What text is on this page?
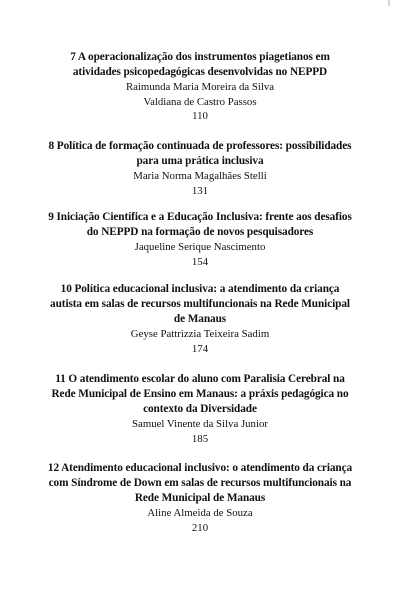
7 A operacionalização dos instrumentos piagetianos em
atividades psicopedagógicas desenvolvidas no NEPPD

Raimunda Maria Moreira da Silva

Valdiana de Castro Passos

110

8 Política de formação continuada de professores: possibilidades
para uma prática inclusiva

Maria Norma Magalhães Stelli

131

9 Iniciação Científica e a Educação Inclusiva: frente aos desafios
do NEPPD na formação de novos pesquisadores

Jaqueline Serique Nascimento

154

10 Política educacional inclusiva: a atendimento da criança
autista em salas de recursos multifuncionais na Rede Municipal
de Manaus

Geyse Pattrizzia Teixeira Sadim

174

11 O atendimento escolar do aluno com Paralisia Cerebral na
Rede Municipal de Ensino em Manaus: a práxis pedagógica no
contexto da Diversidade

Samuel Vinente da Silva Junior

185

12 Atendimento educacional inclusivo: o atendimento da criança
com Síndrome de Down em salas de recursos multifuncionais na
Rede Municipal de Manaus

Aline Almeida de Souza

210
